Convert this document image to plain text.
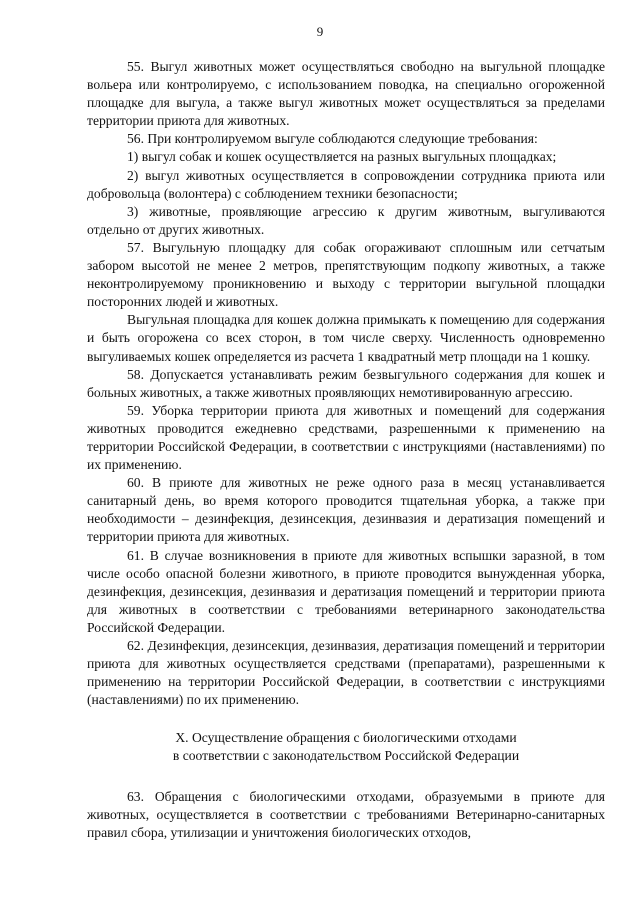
9

55. Выгул животных может осуществляться свободно на выгульной площадке вольера или контролируемо, с использованием поводка, на специально огороженной площадке для выгула, а также выгул животных может осуществляться за пределами территории приюта для животных.

56. При контролируемом выгуле соблюдаются следующие требования:

1) выгул собак и кошек осуществляется на разных выгульных площадках;

2) выгул животных осуществляется в сопровождении сотрудника приюта или добровольца (волонтера) с соблюдением техники безопасности;

3) животные, проявляющие агрессию к другим животным, выгуливаются отдельно от других животных.

57. Выгульную площадку для собак огораживают сплошным или сетчатым забором высотой не менее 2 метров, препятствующим подкопу животных, а также неконтролируемому проникновению и выходу с территории выгульной площадки посторонних людей и животных.

Выгульная площадка для кошек должна примыкать к помещению для содержания и быть огорожена со всех сторон, в том числе сверху. Численность одновременно выгуливаемых кошек определяется из расчета 1 квадратный метр площади на 1 кошку.

58. Допускается устанавливать режим безвыгульного содержания для кошек и больных животных, а также животных проявляющих немотивированную агрессию.

59. Уборка территории приюта для животных и помещений для содержания животных проводится ежедневно средствами, разрешенными к применению на территории Российской Федерации, в соответствии с инструкциями (наставлениями) по их применению.

60. В приюте для животных не реже одного раза в месяц устанавливается санитарный день, во время которого проводится тщательная уборка, а также при необходимости – дезинфекция, дезинсекция, дезинвазия и дератизация помещений и территории приюта для животных.

61. В случае возникновения в приюте для животных вспышки заразной, в том числе особо опасной болезни животного, в приюте проводится вынужденная уборка, дезинфекция, дезинсекция, дезинвазия и дератизация помещений и территории приюта для животных в соответствии с требованиями ветеринарного законодательства Российской Федерации.

62. Дезинфекция, дезинсекция, дезинвазия, дератизация помещений и территории приюта для животных осуществляется средствами (препаратами), разрешенными к применению на территории Российской Федерации, в соответствии с инструкциями (наставлениями) по их применению.

X. Осуществление обращения с биологическими отходами
в соответствии с законодательством Российской Федерации

63. Обращения с биологическими отходами, образуемыми в приюте для животных, осуществляется в соответствии с требованиями Ветеринарно-санитарных правил сбора, утилизации и уничтожения биологических отходов,
